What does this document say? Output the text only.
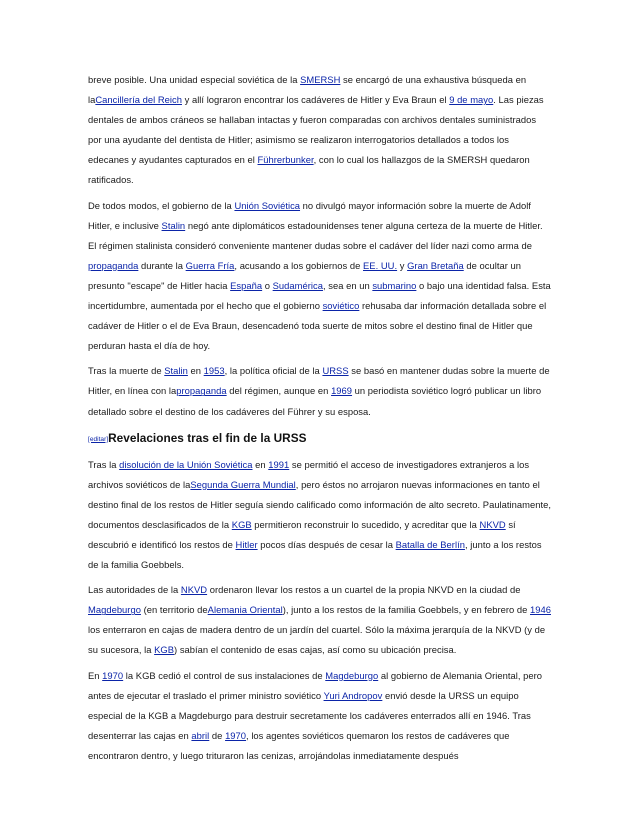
breve posible. Una unidad especial soviética de la SMERSH se encargó de una exhaustiva búsqueda en laCancillería del Reich y allí lograron encontrar los cadáveres de Hitler y Eva Braun el 9 de mayo. Las piezas dentales de ambos cráneos se hallaban intactas y fueron comparadas con archivos dentales suministrados por una ayudante del dentista de Hitler; asimismo se realizaron interrogatorios detallados a todos los edecanes y ayudantes capturados en el Führerbunker, con lo cual los hallazgos de la SMERSH quedaron ratificados.

De todos modos, el gobierno de la Unión Soviética no divulgó mayor información sobre la muerte de Adolf Hitler, e inclusive Stalin negó ante diplomáticos estadounidenses tener alguna certeza de la muerte de Hitler. El régimen stalinista consideró conveniente mantener dudas sobre el cadáver del líder nazi como arma de propaganda durante la Guerra Fría, acusando a los gobiernos de EE. UU. y Gran Bretaña de ocultar un presunto "escape" de Hitler hacia España o Sudamérica, sea en un submarino o bajo una identidad falsa. Esta incertidumbre, aumentada por el hecho que el gobierno soviético rehusaba dar información detallada sobre el cadáver de Hitler o el de Eva Braun, desencadenó toda suerte de mitos sobre el destino final de Hitler que perduran hasta el día de hoy.

Tras la muerte de Stalin en 1953, la política oficial de la URSS se basó en mantener dudas sobre la muerte de Hitler, en línea con lapropaganda del régimen, aunque en 1969 un periodista soviético logró publicar un libro detallado sobre el destino de los cadáveres del Führer y su esposa.

[editar]Revelaciones tras el fin de la URSS

Tras la disolución de la Unión Soviética en 1991 se permitió el acceso de investigadores extranjeros a los archivos soviéticos de laSegunda Guerra Mundial, pero éstos no arrojaron nuevas informaciones en tanto el destino final de los restos de Hitler seguía siendo calificado como información de alto secreto. Paulatinamente, documentos desclasificados de la KGB permitieron reconstruir lo sucedido, y acreditar que la NKVD sí descubrió e identificó los restos de Hitler pocos días después de cesar la Batalla de Berlín, junto a los restos de la familia Goebbels.

Las autoridades de la NKVD ordenaron llevar los restos a un cuartel de la propia NKVD en la ciudad de Magdeburgo (en territorio deAlemania Oriental), junto a los restos de la familia Goebbels, y en febrero de 1946 los enterraron en cajas de madera dentro de un jardín del cuartel. Sólo la máxima jerarquía de la NKVD (y de su sucesora, la KGB) sabían el contenido de esas cajas, así como su ubicación precisa.

En 1970 la KGB cedió el control de sus instalaciones de Magdeburgo al gobierno de Alemania Oriental, pero antes de ejecutar el traslado el primer ministro soviético Yuri Andropov envió desde la URSS un equipo especial de la KGB a Magdeburgo para destruir secretamente los cadáveres enterrados allí en 1946. Tras desenterrar las cajas en abril de 1970, los agentes soviéticos quemaron los restos de cadáveres que encontraron dentro, y luego trituraron las cenizas, arrojándolas inmediatamente después
